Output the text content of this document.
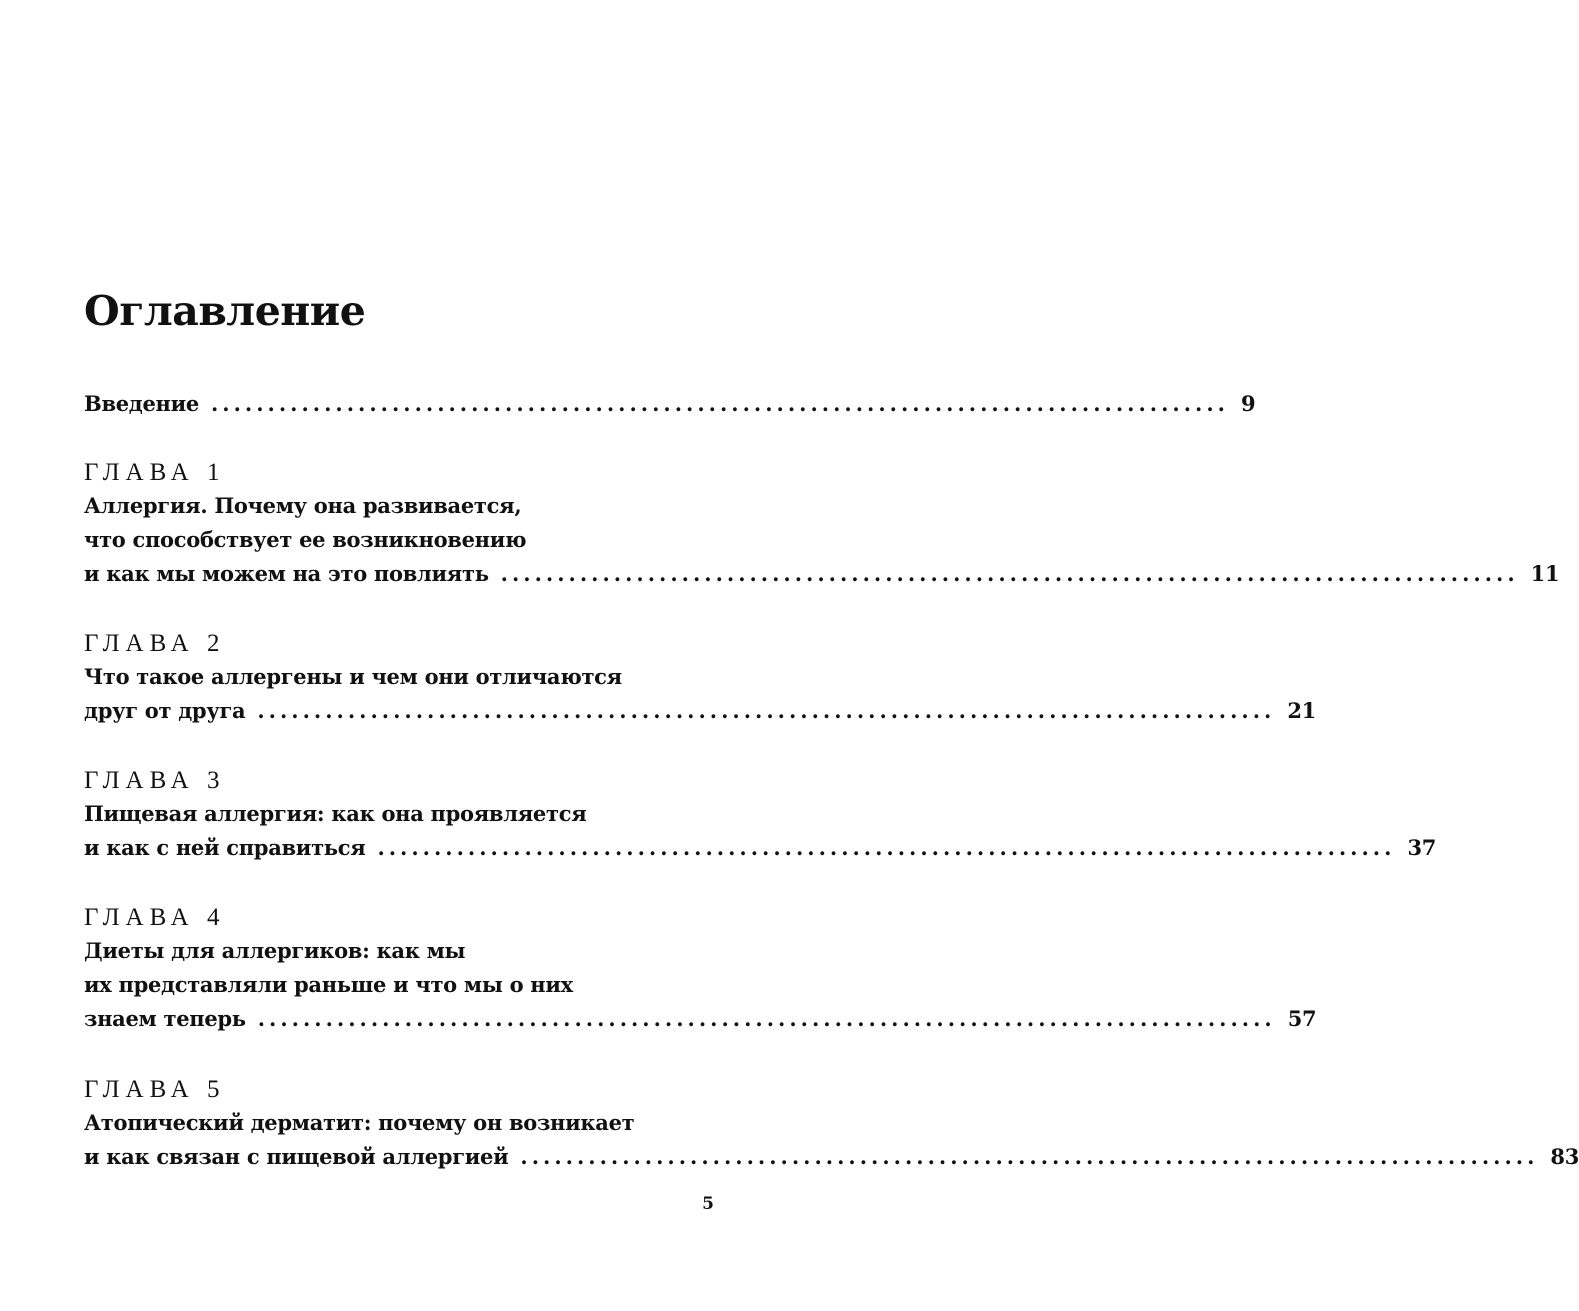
Оглавление
Введение .......................................................................................... 9
ГЛАВА 1
Аллергия. Почему она развивается,
что способствует ее возникновению
и как мы можем на это повлиять .......................................................................................... 11
ГЛАВА 2
Что такое аллергены и чем они отличаются
друг от друга .......................................................................................... 21
ГЛАВА 3
Пищевая аллергия: как она проявляется
и как с ней справиться .......................................................................................... 37
ГЛАВА 4
Диеты для аллергиков: как мы
их представляли раньше и что мы о них
знаем теперь .......................................................................................... 57
ГЛАВА 5
Атопический дерматит: почему он возникает
и как связан с пищевой аллергией .......................................................................................... 83
5
